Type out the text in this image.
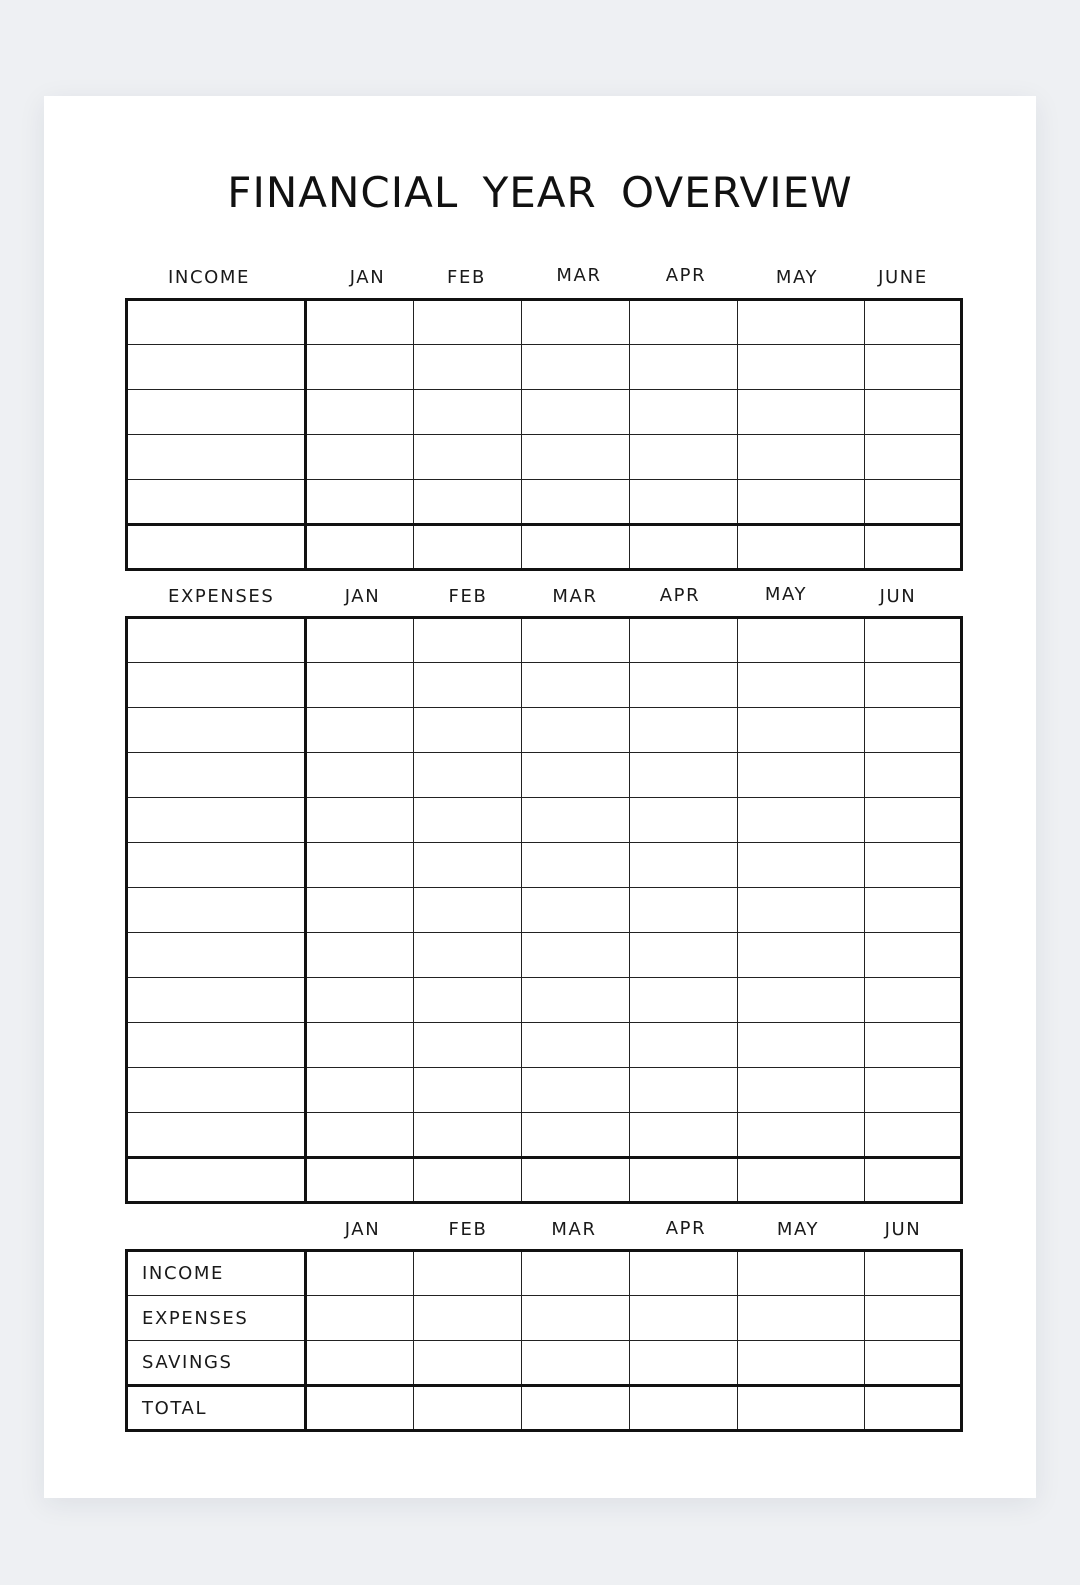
FINANCIAL YEAR OVERVIEW
INCOME	JAN	FEB	MAR	APR	MAY	JUNE

EXPENSES	JAN	FEB	MAR	APR	MAY	JUN

JAN	FEB	MAR	APR	MAY	JUN
INCOME						
EXPENSES						
SAVINGS						
TOTAL						
